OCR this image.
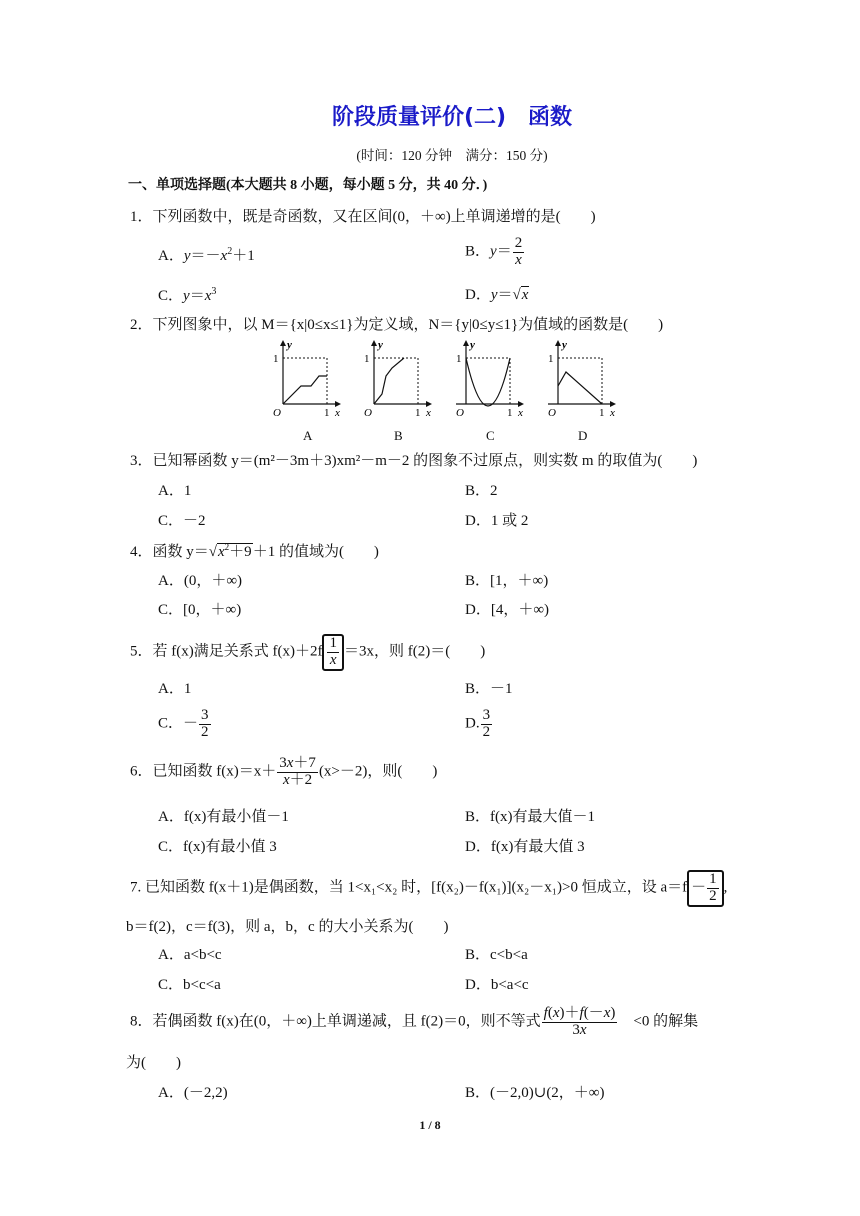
阶段质量评价(二)　函数
(时间：120 分钟　满分：150 分)
一、单项选择题(本大题共 8 小题，每小题 5 分，共 40 分．)
1．下列函数中，既是奇函数，又在区间(0，＋∞)上单调递增的是(　　)
A．$y=-x^2+1$	B．$y= \frac{2}{x}$
C．$y=x^3$	D．y＝√x
2．下列图象中，以 M＝{x|0≤x≤1}为定义域，N＝{y|0≤y≤1}为值域的函数是(　　)
y
1
O	1 x
y
1
O	1 x
y
1
O	1 x
y
1
O	1 x
A	B	C	D
3．已知幂函数 y＝(m²－3m＋3)xm²－m－2 的图象不过原点，则实数 m 的取值为(　　)
A．1	B．2
C．－2	D．1 或 2
4．函数 $y=√x^2+9+1$ 的值域为(　　)
A．(0，＋∞)	B．[1，＋∞)
C．[0，＋∞)	D．[4，＋∞)
5．若 f(x)满足关系式 $f(x)+2f \frac{1}{x} =3x$，则 f(2)＝(　　)
A．1	B．－1
C．－ $\frac{3}{2}$	D. $\frac{3}{2}$
6．已知函数 $f(x)=x+ \frac{3x+7}{x+2} (x>-2)$，则(　　)
A．f(x)有最小值－1	B．f(x)有最大值－1
C．f(x)有最小值 3	D．f(x)有最大值 3
7. 已知函数 f(x＋1)是偶函数，当 1<x₁<x₂ 时，[f(x₂)－f(x₁)](x₂－x₁)>0 恒成立，设 $a=f - \frac{1}{2}$ ,
b＝f(2)，c＝f(3)，则 a，b，c 的大小关系为(　　)
A．a<b<c	B．c<b<a
C．b<c<a	D．b<a<c
8．若偶函数 f(x)在(0，＋∞)上单调递减，且 f(2)＝0，则不等式 $\frac{f(x)+f(-x)}{3x}$
　 <0 的解集
为(　　)
A．(－2,2)	B．(－2,0)∪(2，＋∞)
1 / 8
